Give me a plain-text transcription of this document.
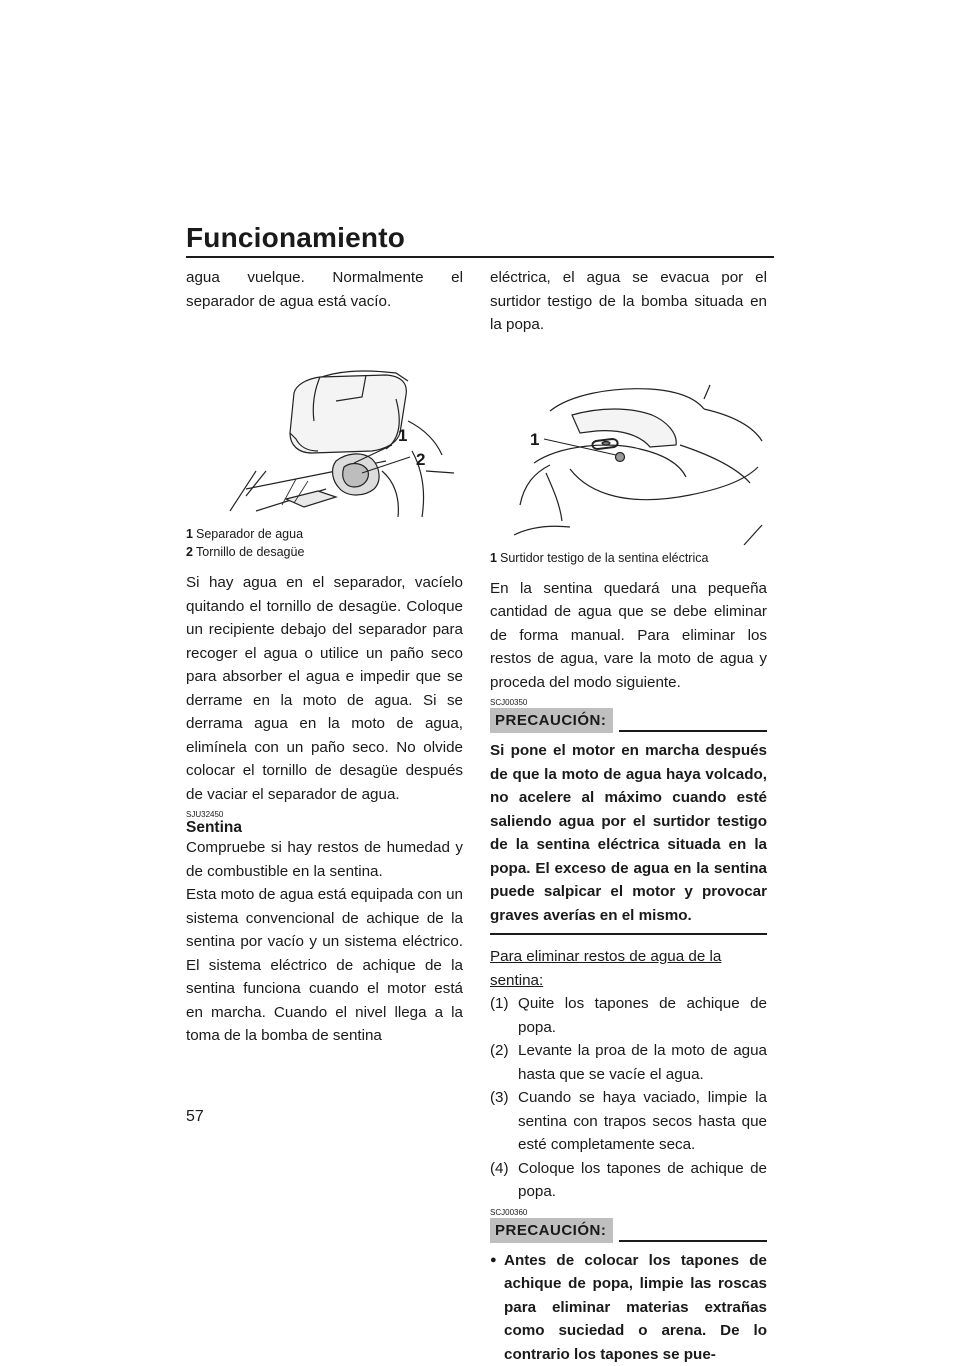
Funcionamiento

agua vuelque. Normalmente el separador de agua está vacío.

1
2
1 Separador de agua
2 Tornillo de desagüe

Si hay agua en el separador, vacíelo quitando el tornillo de desagüe. Coloque un recipiente debajo del separador para recoger el agua o utilice un paño seco para absorber el agua e impedir que se derrame en la moto de agua. Si se derrama agua en la moto de agua, elimínela con un paño seco. No olvide colocar el tornillo de desagüe después de vaciar el separador de agua.

SJU32450
Sentina

Compruebe si hay restos de humedad y de combustible en la sentina.

Esta moto de agua está equipada con un sistema convencional de achique de la sentina por vacío y un sistema eléctrico. El sistema eléctrico de achique de la sentina funciona cuando el motor está en marcha. Cuando el nivel llega a la toma de la bomba de sentina

eléctrica, el agua se evacua por el surtidor testigo de la bomba situada en la popa.

1
1 Surtidor testigo de la sentina eléctrica

En la sentina quedará una pequeña cantidad de agua que se debe eliminar de forma manual. Para eliminar los restos de agua, vare la moto de agua y proceda del modo siguiente.

SCJ00350
PRECAUCIÓN:

Si pone el motor en marcha después de que la moto de agua haya volcado, no acelere al máximo cuando esté saliendo agua por el surtidor testigo de la sentina eléctrica situada en la popa. El exceso de agua en la sentina puede salpicar el motor y provocar graves averías en el mismo.

Para eliminar restos de agua de la sentina:
(1) Quite los tapones de achique de popa.
(2) Levante la proa de la moto de agua hasta que se vacíe el agua.
(3) Cuando se haya vaciado, limpie la sentina con trapos secos hasta que esté completamente seca.
(4) Coloque los tapones de achique de popa.
SCJ00360
PRECAUCIÓN:
● Antes de colocar los tapones de achique de popa, limpie las roscas para eliminar materias extrañas como suciedad o arena. De lo contrario los tapones se pue-
57
